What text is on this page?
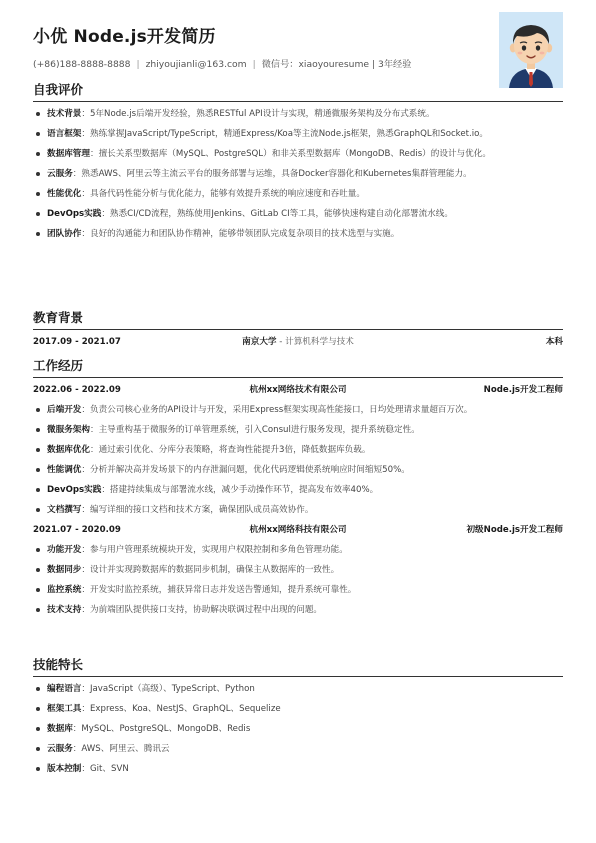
小优 Node.js开发简历
(+86)188-8888-8888 | zhiyoujianli@163.com | 微信号：xiaoyouresume | 3年经验
自我评价
技术背景：5年Node.js后端开发经验，熟悉RESTful API设计与实现，精通微服务架构及分布式系统。
语言框架：熟练掌握JavaScript/TypeScript，精通Express/Koa等主流Node.js框架，熟悉GraphQL和Socket.io。
数据库管理：擅长关系型数据库（MySQL、PostgreSQL）和非关系型数据库（MongoDB、Redis）的设计与优化。
云服务：熟悉AWS、阿里云等主流云平台的服务部署与运维，具备Docker容器化和Kubernetes集群管理能力。
性能优化：具备代码性能分析与优化能力，能够有效提升系统的响应速度和吞吐量。
DevOps实践：熟悉CI/CD流程，熟练使用Jenkins、GitLab CI等工具，能够快速构建自动化部署流水线。
团队协作：良好的沟通能力和团队协作精神，能够带领团队完成复杂项目的技术选型与实施。
教育背景
2017.09 - 2021.07	南京大学 - 计算机科学与技术	本科
工作经历
2022.06 - 2022.09	杭州xx网络技术有限公司	Node.js开发工程师
后端开发：负责公司核心业务的API设计与开发，采用Express框架实现高性能接口，日均处理请求量超百万次。
微服务架构：主导重构基于微服务的订单管理系统，引入Consul进行服务发现，提升系统稳定性。
数据库优化：通过索引优化、分库分表策略，将查询性能提升3倍，降低数据库负载。
性能调优：分析并解决高并发场景下的内存泄漏问题，优化代码逻辑使系统响应时间缩短50%。
DevOps实践：搭建持续集成与部署流水线，减少手动操作环节，提高发布效率40%。
文档撰写：编写详细的接口文档和技术方案，确保团队成员高效协作。
2021.07 - 2020.09	杭州xx网络科技有限公司	初级Node.js开发工程师
功能开发：参与用户管理系统模块开发，实现用户权限控制和多角色管理功能。
数据同步：设计并实现跨数据库的数据同步机制，确保主从数据库的一致性。
监控系统：开发实时监控系统，捕获异常日志并发送告警通知，提升系统可靠性。
技术支持：为前端团队提供接口支持，协助解决联调过程中出现的问题。
技能特长
编程语言：JavaScript（高级）、TypeScript、Python
框架工具：Express、Koa、NestJS、GraphQL、Sequelize
数据库：MySQL、PostgreSQL、MongoDB、Redis
云服务：AWS、阿里云、腾讯云
版本控制：Git、SVN
